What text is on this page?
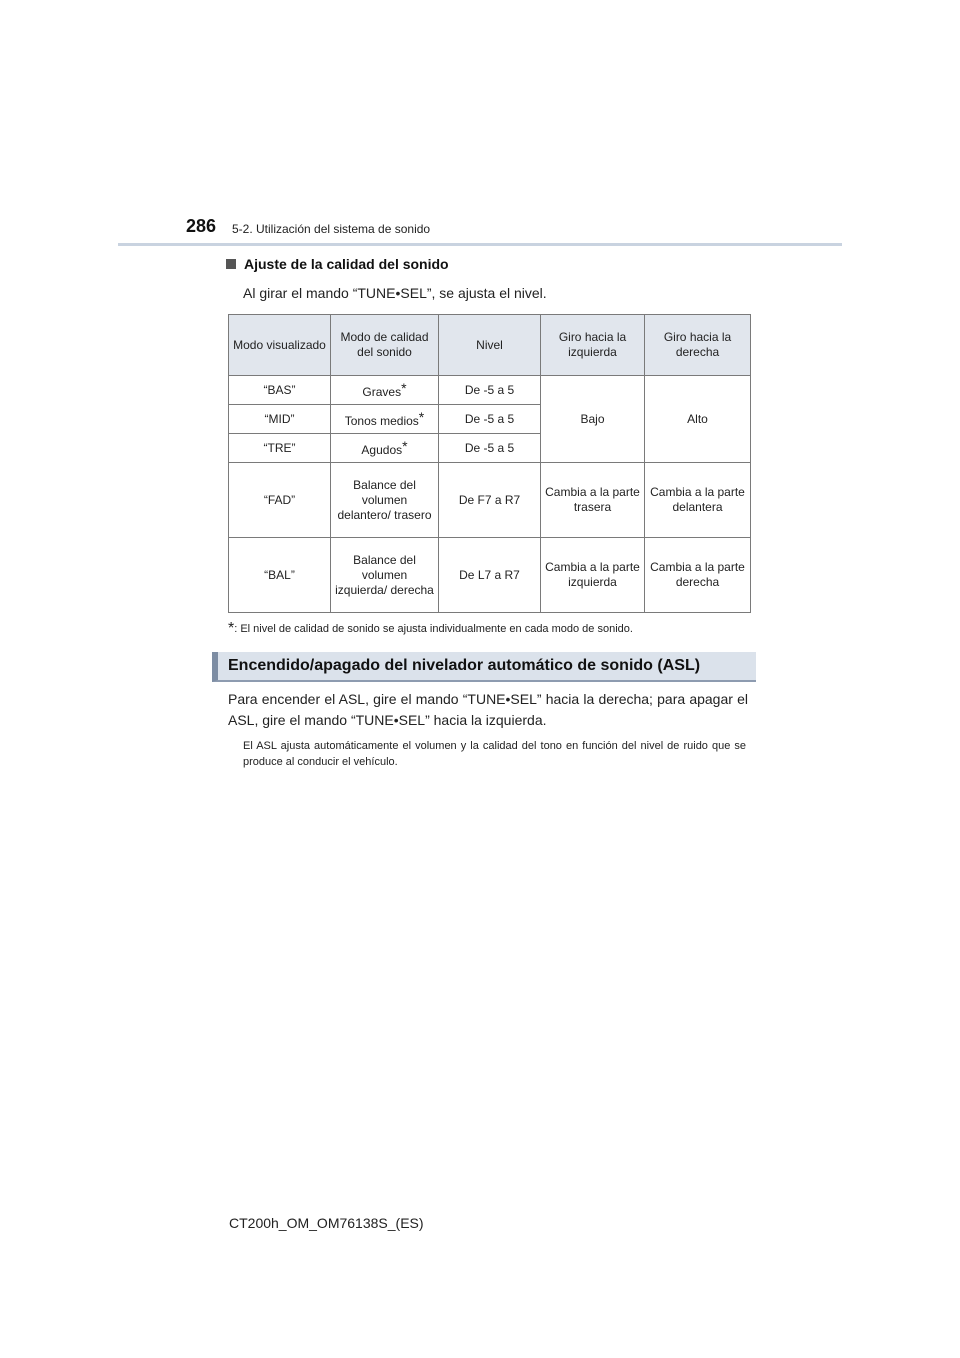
286 5-2. Utilización del sistema de sonido
Ajuste de la calidad del sonido
Al girar el mando “TUNE•SEL”, se ajusta el nivel.
Modo visualizado	Modo de calidad del sonido	Nivel	Giro hacia la izquierda	Giro hacia la derecha
“BAS”	Graves*	De -5 a 5	Bajo	Alto
“MID”	Tonos medios*	De -5 a 5		
“TRE”	Agudos*	De -5 a 5		
“FAD”	Balance del volumen delantero/ trasero	De F7 a R7	Cambia a la parte trasera	Cambia a la parte delantera
“BAL”	Balance del volumen izquierda/ derecha	De L7 a R7	Cambia a la parte izquierda	Cambia a la parte derecha
*: El nivel de calidad de sonido se ajusta individualmente en cada modo de sonido.
Encendido/apagado del nivelador automático de sonido (ASL)
Para encender el ASL, gire el mando “TUNE•SEL” hacia la derecha; para apagar el ASL, gire el mando “TUNE•SEL” hacia la izquierda.
El ASL ajusta automáticamente el volumen y la calidad del tono en función del nivel de ruido que se produce al conducir el vehículo.
CT200h_OM_OM76138S_(ES)
